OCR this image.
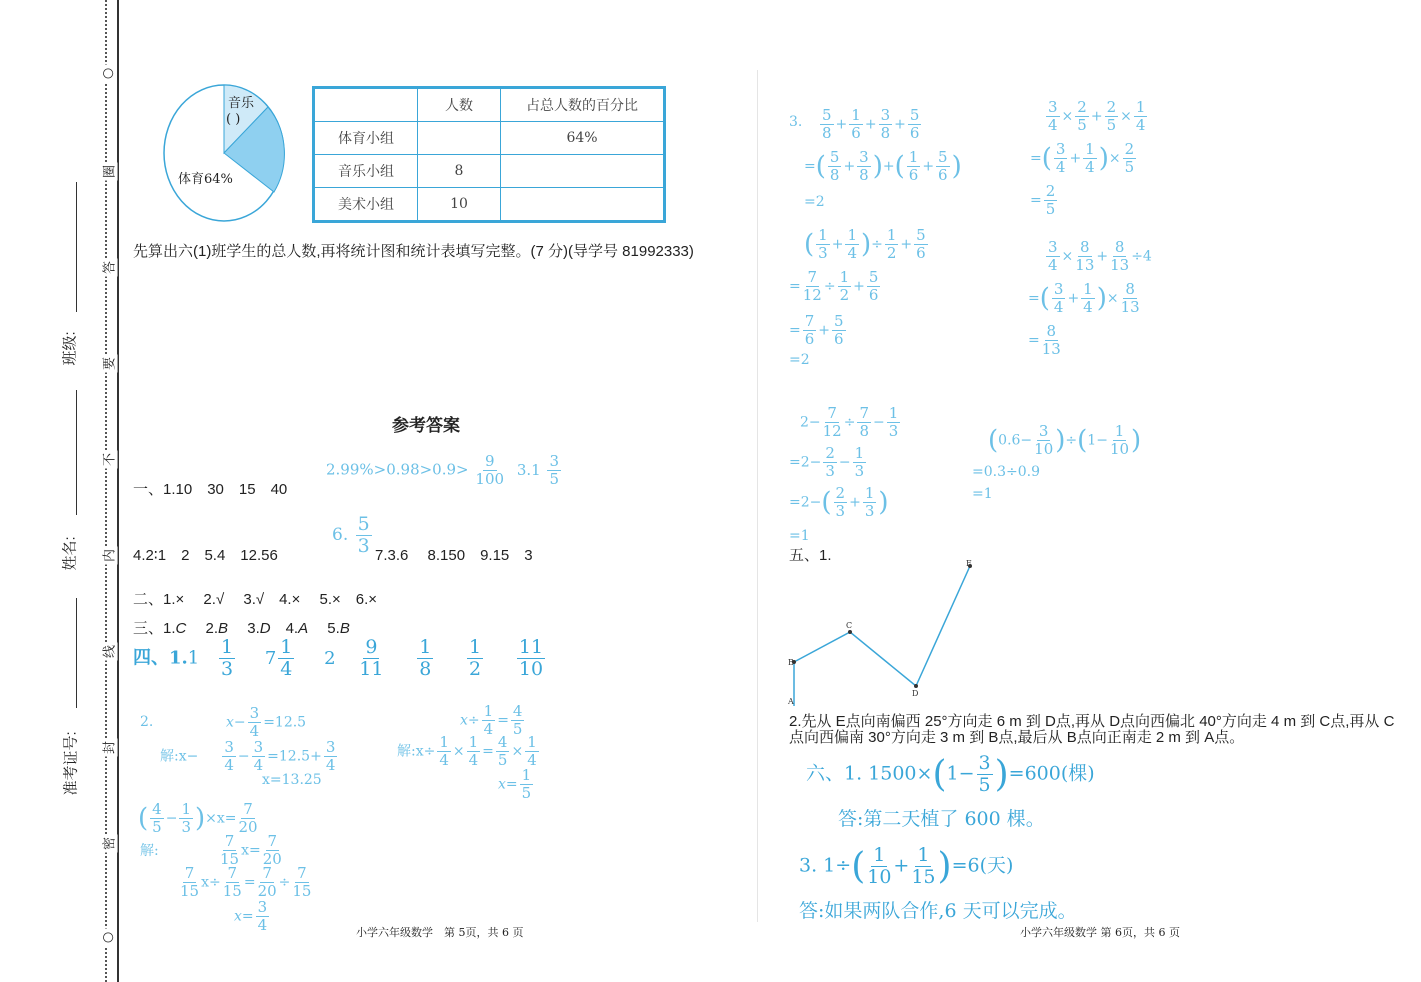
班级:
姓名:
准考证号:
○
圈
答
要
不
内
线
封
密
○
音乐
( )
体育64%
	人数	占总人数的百分比
体育小组		64%
音乐小组	8	
美术小组	10	
先算出六(1)班学生的总人数,再将统计图和统计表填写完整。(7 分)(导学号 81992333)
参考答案
一、1.10　30　15　40
$2.99\%>0.98>0.9> \frac{9}{100} 3.1 \frac{3}{5}$
4.2∶1　2　5.4　12.56
6. $\frac{5}{3} 7.3.6$　 8.150　9.15　3
二、1.×　 2.√　 3.√　4.×　 5.×　6.×
三、1.C　 2.B　 3.D　4.A　 5.B
四、$1.1 \frac{1}{3} 7 \frac{1}{4} 2 \frac{9}{11}$
$\frac{1}{8}$
$\frac{1}{2}$
$\frac{11}{10}$
2.	$x- \frac{3}{4} =12.5$
解:x− $\frac{3}{4} - \frac{3}{4} =12.5+ \frac{3}{4}$
x=13.25
$x\div \frac{1}{4} = \frac{4}{5}$
解:x÷ $\frac{1}{4} \times \frac{1}{4} = \frac{4}{5} \times \frac{1}{4}$
$x= \frac{1}{5}$
( $\frac{4}{5} - \frac{1}{3} )\times x= \frac{7}{20}$
解:	$\frac{7}{15} x= \frac{7}{20}$
$\frac{7}{15} x\div \frac{7}{15} = \frac{7}{20} \div \frac{7}{15}$
$x= \frac{3}{4}$	小学六年级数学　第 5页，共 6 页
3. $\frac{5}{8} + \frac{1}{6} + \frac{3}{8} + \frac{5}{6}$
=( $\frac{5}{8} + \frac{3}{8}$ )+( $\frac{1}{6} + \frac{5}{6}$ )
=2
$\frac{3}{4} \times \frac{2}{5} + \frac{2}{5} \times \frac{1}{4}$
=( $\frac{3}{4} + \frac{1}{4}$ )× $\frac{2}{5}$
= $\frac{2}{5}$
( $\frac{1}{3} + \frac{1}{4}$ )÷ $\frac{1}{2} + \frac{5}{6}$
= $\frac{7}{12} \div \frac{1}{2} + \frac{5}{6}$
= $\frac{7}{6} + \frac{5}{6}$
=2
$\frac{3}{4} \times \frac{8}{13} + \frac{8}{13} \div 4$
=( $\frac{3}{4} + \frac{1}{4}$ )× $\frac{8}{13}$
= $\frac{8}{13}$
$2- \frac{7}{12} \div \frac{7}{8} - \frac{1}{3}$
$=2- \frac{2}{3} - \frac{1}{3}$
$=2-( \frac{2}{3} + \frac{1}{3}$ )
=1
$(0.6- \frac{3}{10} )\div(1- \frac{1}{10}$ )
=0.3÷0.9
=1
五、1.
A
B
C
D
E
2.先从 E点向南偏西 25°方向走 6 m 到 D点,再从 D点向西偏北 40°方向走 4 m 到 C点,再从 C点向西偏南 30°方向走 3 m 到 B点,最后从 B点向正南走 2 m 到 A点。
六、1. $1500\times(1- \frac{3}{5} )=600$(棵)
答:第二天植了 600 棵。
3. $1\div( \frac{1}{10} + \frac{1}{15} )=6$(天)
答:如果两队合作,6 天可以完成。
小学六年级数学 第 6页，共 6 页
